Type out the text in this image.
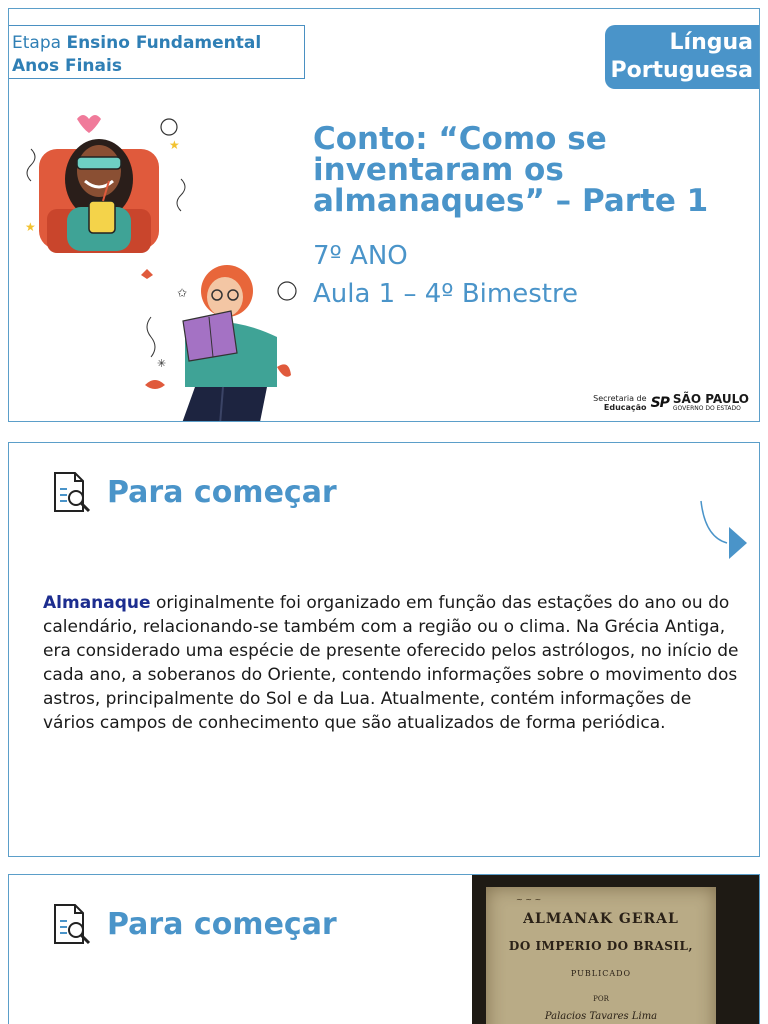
Etapa Ensino Fundamental
Anos Finais
Língua
Portuguesa
★
★
✩
✳
Conto: “Como se
inventaram os
almanaques” – Parte 1
7º ANO
Aula 1 – 4º Bimestre
Secretaria de
Educação SP SÃO PAULO
GOVERNO DO ESTADO
Para começar

Almanaque originalmente foi organizado em função das estações do ano ou do calendário, relacionando-se também com a região ou o clima. Na Grécia Antiga, era considerado uma espécie de presente oferecido pelos astrólogos, no início de cada ano, a soberanos do Oriente, contendo informações sobre o movimento dos astros, principalmente do Sol e da Lua. Atualmente, contém informações de vários campos de conhecimento que são atualizados de forma periódica.

Para começar
~ ~ ~
ALMANAK GERAL
DO IMPERIO DO BRASIL,
PUBLICADO
POR
Palacios Tavares Lima
